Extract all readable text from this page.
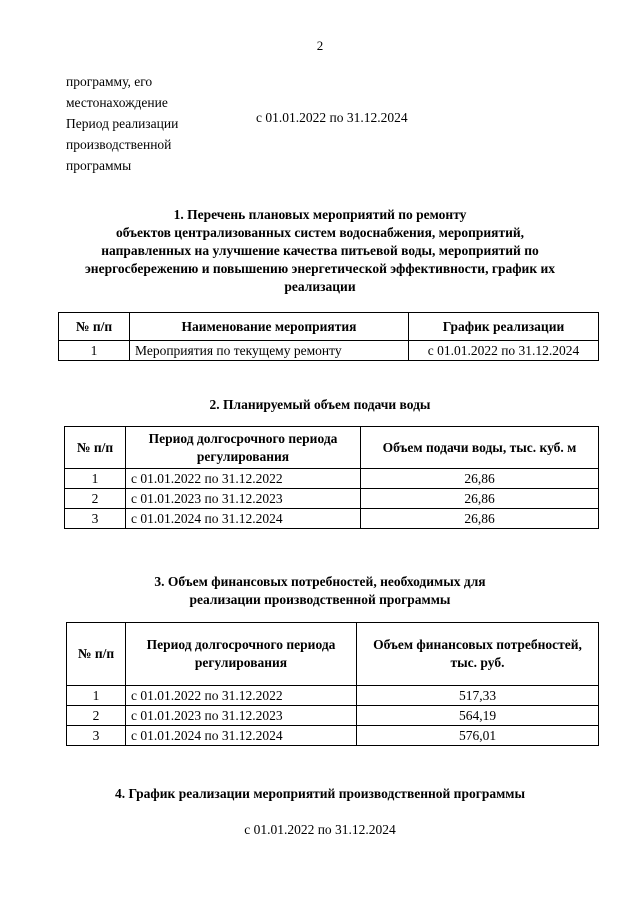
2
программу, его
местонахождение
Период реализации
производственной
программы
с 01.01.2022 по 31.12.2024
1. Перечень плановых мероприятий по ремонту
объектов централизованных систем водоснабжения, мероприятий,
направленных на улучшение качества питьевой воды, мероприятий по
энергосбережению и повышению энергетической эффективности, график их
реализации
№ п/п	Наименование мероприятия	График реализации
1	Мероприятия по текущему ремонту	с 01.01.2022 по 31.12.2024
2. Планируемый объем подачи воды
№ п/п	Период долгосрочного периода регулирования	Объем подачи воды, тыс. куб. м
1	с 01.01.2022 по 31.12.2022	26,86
2	с 01.01.2023 по 31.12.2023	26,86
3	с 01.01.2024 по 31.12.2024	26,86
3. Объем финансовых потребностей, необходимых для
реализации производственной программы
№ п/п	Период долгосрочного периода регулирования	Объем финансовых потребностей, тыс. руб.
1	с 01.01.2022 по 31.12.2022	517,33
2	с 01.01.2023 по 31.12.2023	564,19
3	с 01.01.2024 по 31.12.2024	576,01
4. График реализации мероприятий производственной программы
с 01.01.2022 по 31.12.2024
